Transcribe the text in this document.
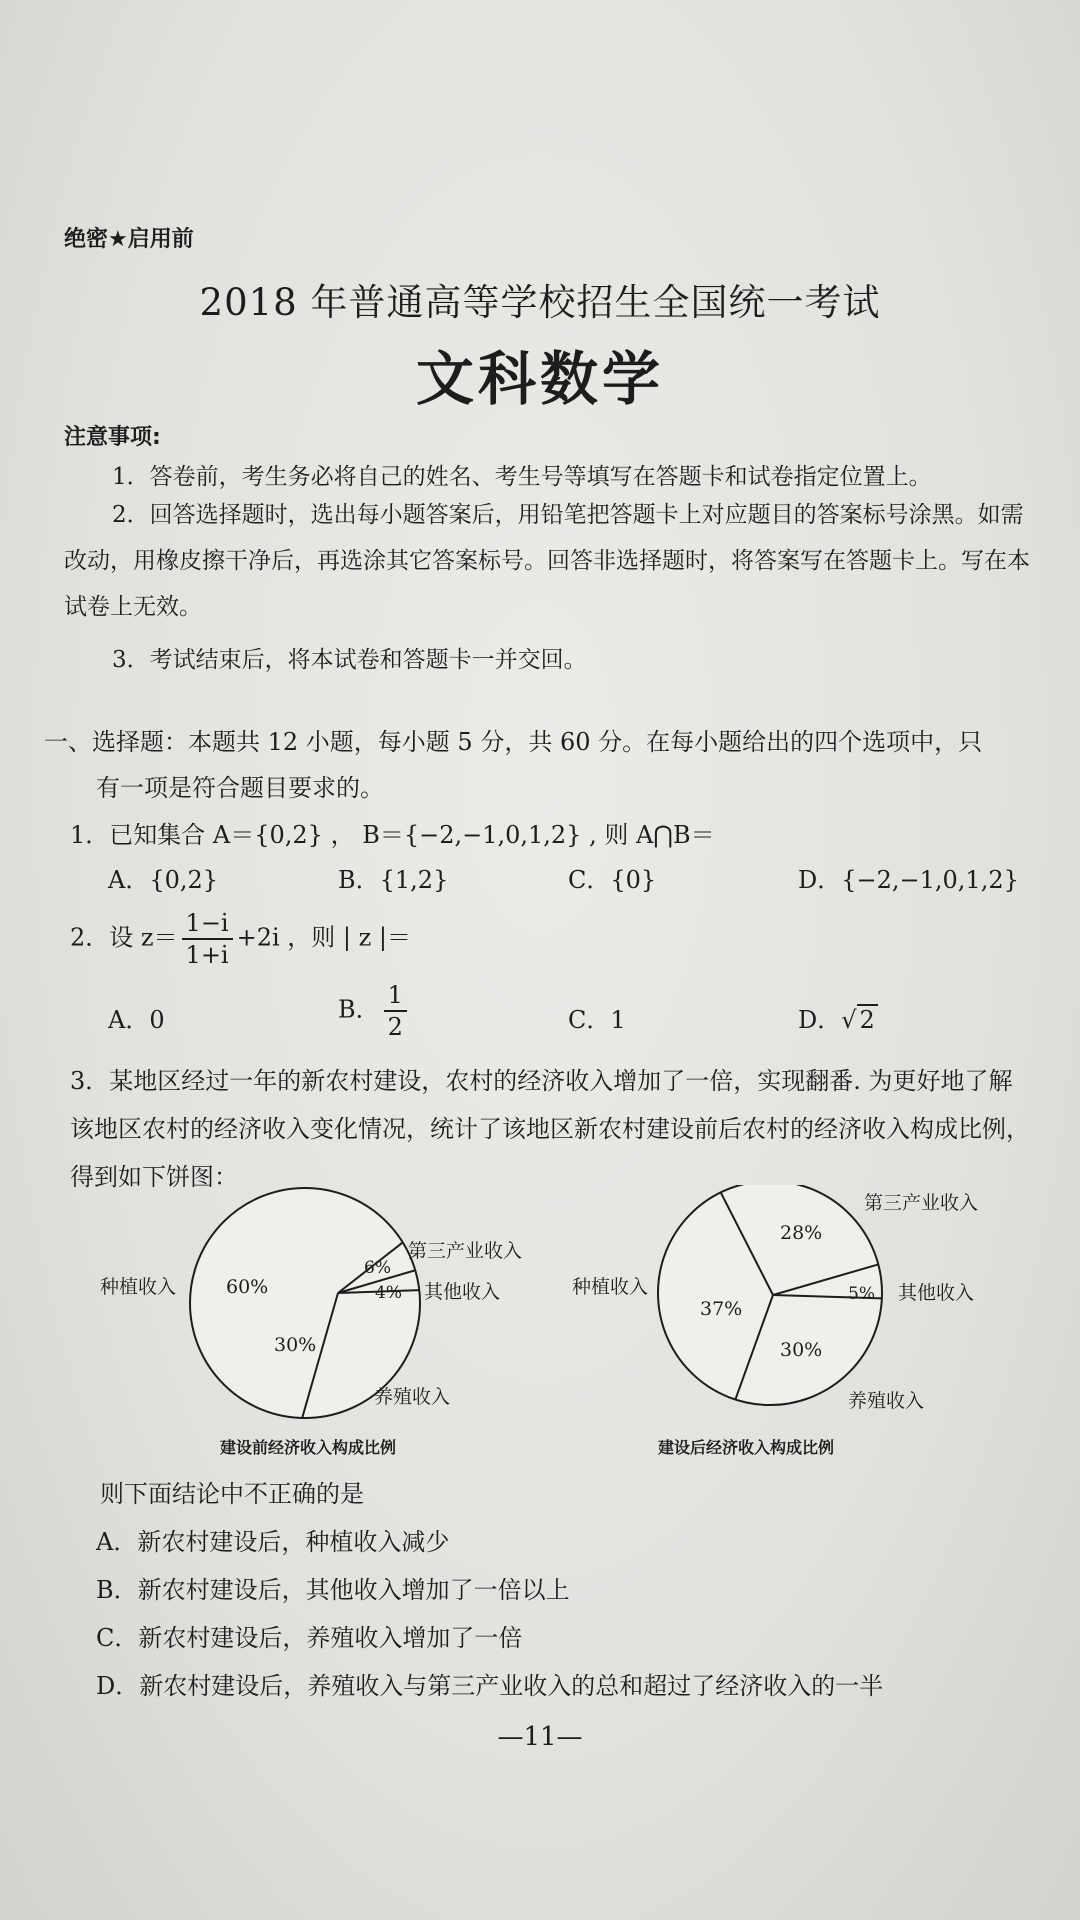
绝密★启用前
2018 年普通高等学校招生全国统一考试
文科数学
注意事项:
1．答卷前，考生务必将自己的姓名、考生号等填写在答题卡和试卷指定位置上。
2．回答选择题时，选出每小题答案后，用铅笔把答题卡上对应题目的答案标号涂黑。如需改动，用橡皮擦干净后，再选涂其它答案标号。回答非选择题时，将答案写在答题卡上。写在本试卷上无效。
3．考试结束后，将本试卷和答题卡一并交回。
一、选择题：本题共 12 小题，每小题 5 分，共 60 分。在每小题给出的四个选项中，只
有一项是符合题目要求的。
1．已知集合 A＝{0,2} ， B＝{−2,−1,0,1,2} , 则 A⋂B＝
A．{0,2}	B．{1,2}	C．{0}	D．{−2,−1,0,1,2}
2．设 $z= \frac{1-i}{1+i} +2i$ ，则 | z |＝
A．0	B． $\frac{1}{2}$	C．1	D．√ 2
3．某地区经过一年的新农村建设，农村的经济收入增加了一倍，实现翻番. 为更好地了解该地区农村的经济收入变化情况，统计了该地区新农村建设前后农村的经济收入构成比例，得到如下饼图：
60%
6%
4%
30%
种植收入
第三产业收入
其他收入
养殖收入
建设前经济收入构成比例
28%
5%
30%
37%
第三产业收入
其他收入
种植收入
养殖收入
建设后经济收入构成比例
则下面结论中不正确的是
A．新农村建设后，种植收入减少
B．新农村建设后，其他收入增加了一倍以上
C．新农村建设后，养殖收入增加了一倍
D．新农村建设后，养殖收入与第三产业收入的总和超过了经济收入的一半
—11—
